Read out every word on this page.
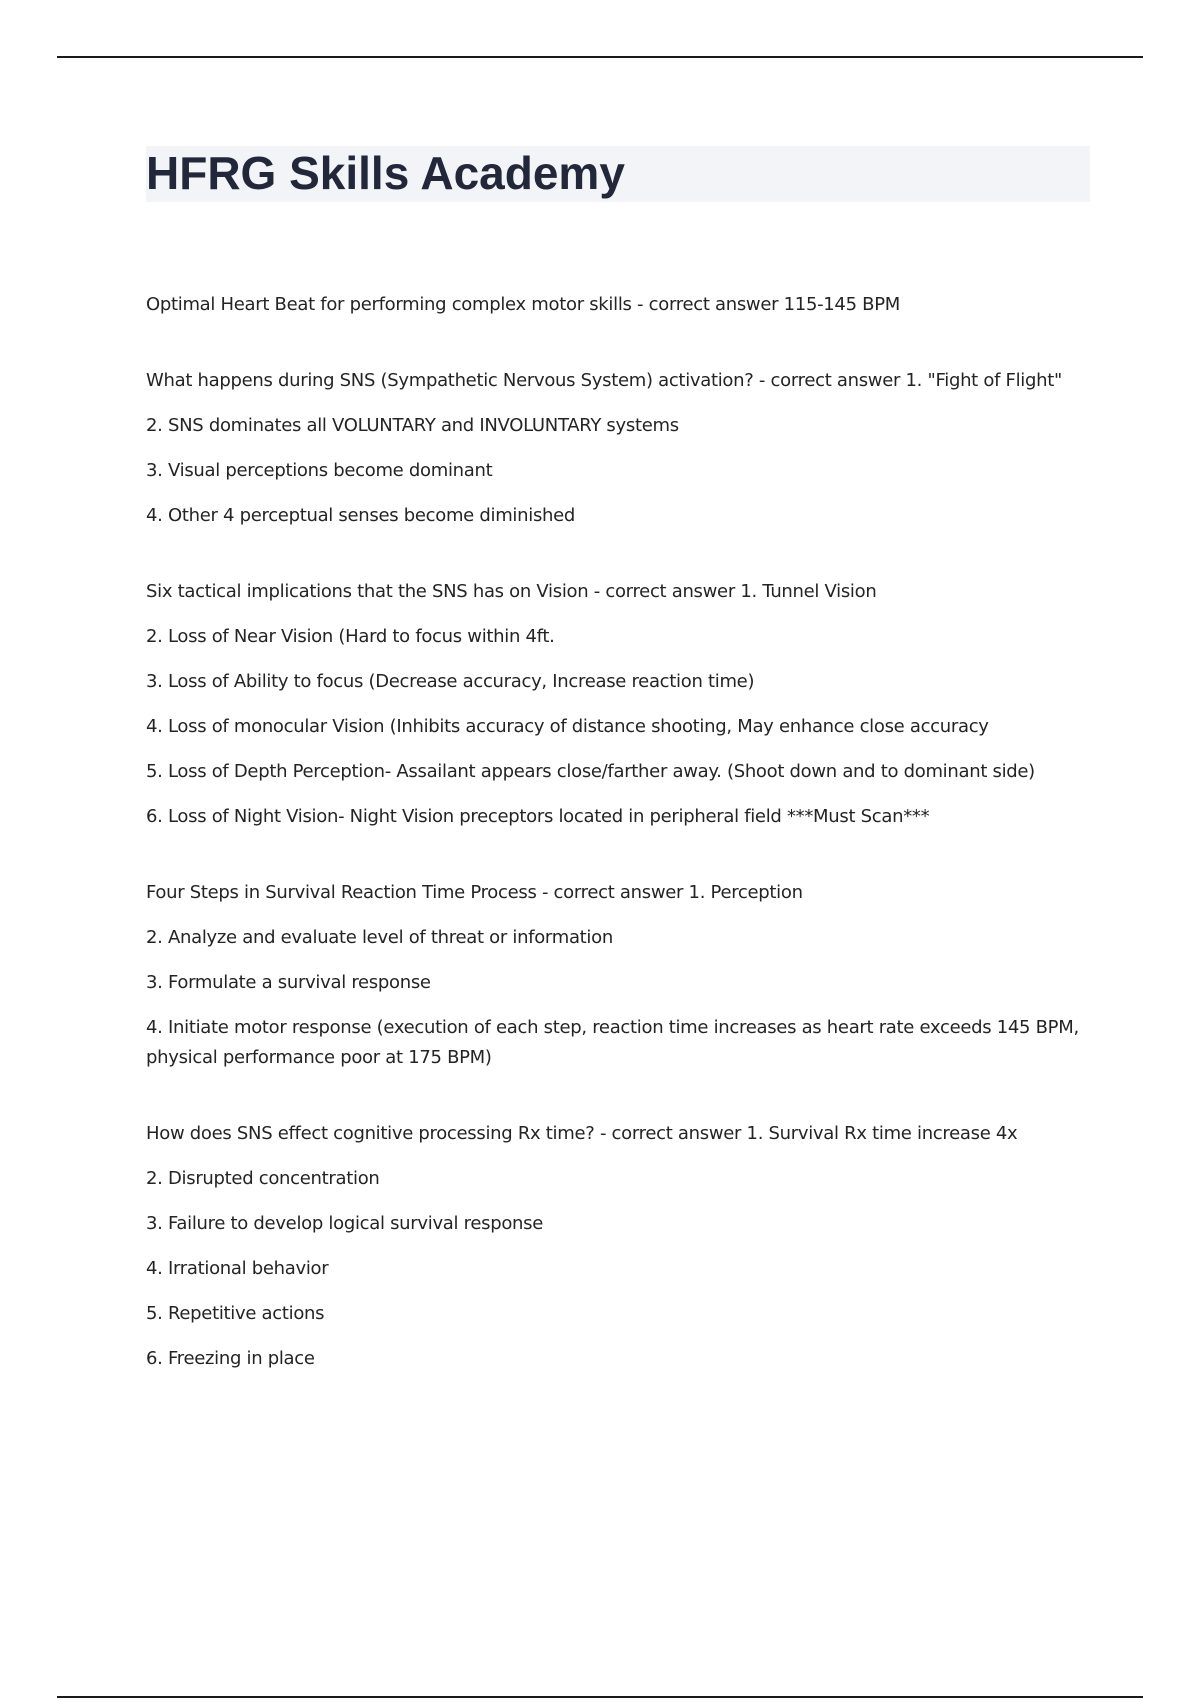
HFRG Skills Academy

Optimal Heart Beat for performing complex motor skills - correct answer 115-145 BPM

What happens during SNS (Sympathetic Nervous System) activation? - correct answer 1. "Fight of Flight"

2. SNS dominates all VOLUNTARY and INVOLUNTARY systems

3. Visual perceptions become dominant

4. Other 4 perceptual senses become diminished

Six tactical implications that the SNS has on Vision - correct answer 1. Tunnel Vision

2. Loss of Near Vision (Hard to focus within 4ft.

3. Loss of Ability to focus (Decrease accuracy, Increase reaction time)

4. Loss of monocular Vision (Inhibits accuracy of distance shooting, May enhance close accuracy

5. Loss of Depth Perception- Assailant appears close/farther away. (Shoot down and to dominant side)

6. Loss of Night Vision- Night Vision preceptors located in peripheral field ***Must Scan***

Four Steps in Survival Reaction Time Process - correct answer 1. Perception

2. Analyze and evaluate level of threat or information

3. Formulate a survival response

4. Initiate motor response (execution of each step, reaction time increases as heart rate exceeds 145 BPM, physical performance poor at 175 BPM)

How does SNS effect cognitive processing Rx time? - correct answer 1. Survival Rx time increase 4x

2. Disrupted concentration

3. Failure to develop logical survival response

4. Irrational behavior

5. Repetitive actions

6. Freezing in place
